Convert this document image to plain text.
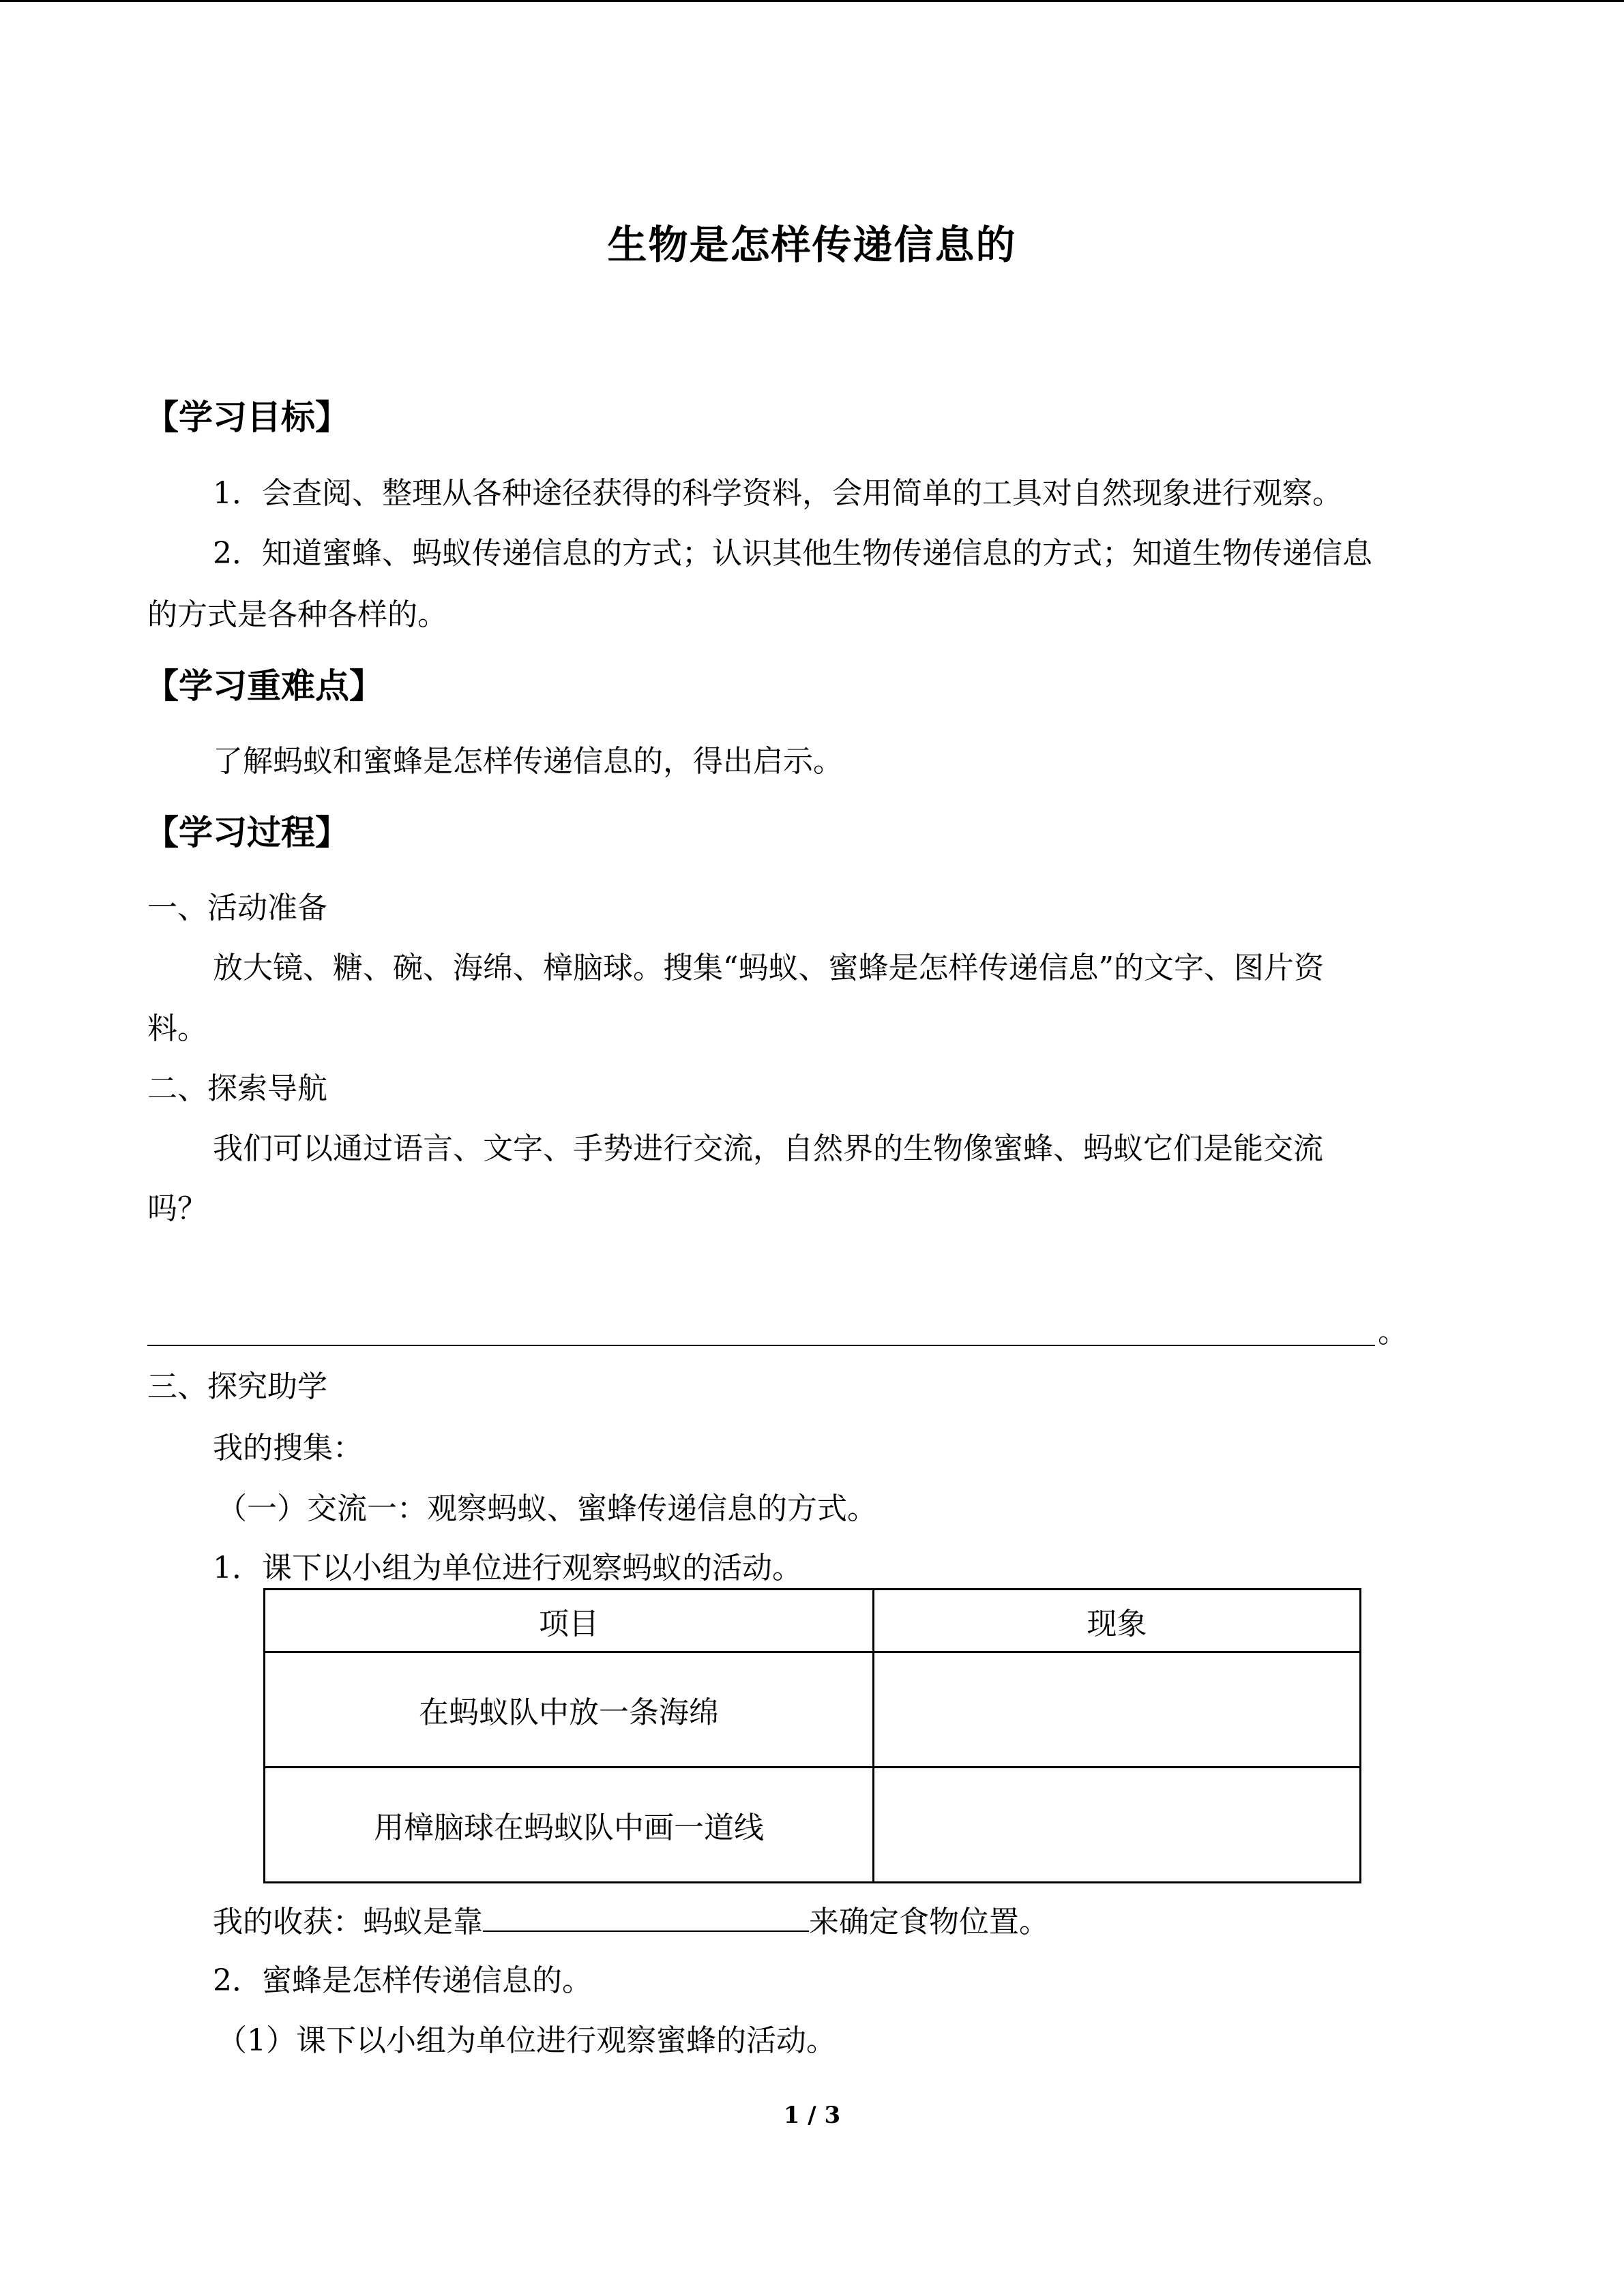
生物是怎样传递信息的
【学习目标】
1．会查阅、整理从各种途径获得的科学资料，会用简单的工具对自然现象进行观察。
2．知道蜜蜂、蚂蚁传递信息的方式；认识其他生物传递信息的方式；知道生物传递信息
的方式是各种各样的。
【学习重难点】
了解蚂蚁和蜜蜂是怎样传递信息的，得出启示。
【学习过程】
一、活动准备
放大镜、糖、碗、海绵、樟脑球。搜集“蚂蚁、蜜蜂是怎样传递信息”的文字、图片资
料。
二、探索导航
我们可以通过语言、文字、手势进行交流，自然界的生物像蜜蜂、蚂蚁它们是能交流
吗？
。
三、探究助学
我的搜集：
（一）交流一：观察蚂蚁、蜜蜂传递信息的方式。
1．课下以小组为单位进行观察蚂蚁的活动。
项目	现象
在蚂蚁队中放一条海绵	
用樟脑球在蚂蚁队中画一道线	
我的收获：蚂蚁是靠	来确定食物位置。
2．蜜蜂是怎样传递信息的。
（1）课下以小组为单位进行观察蜜蜂的活动。
1 / 3
